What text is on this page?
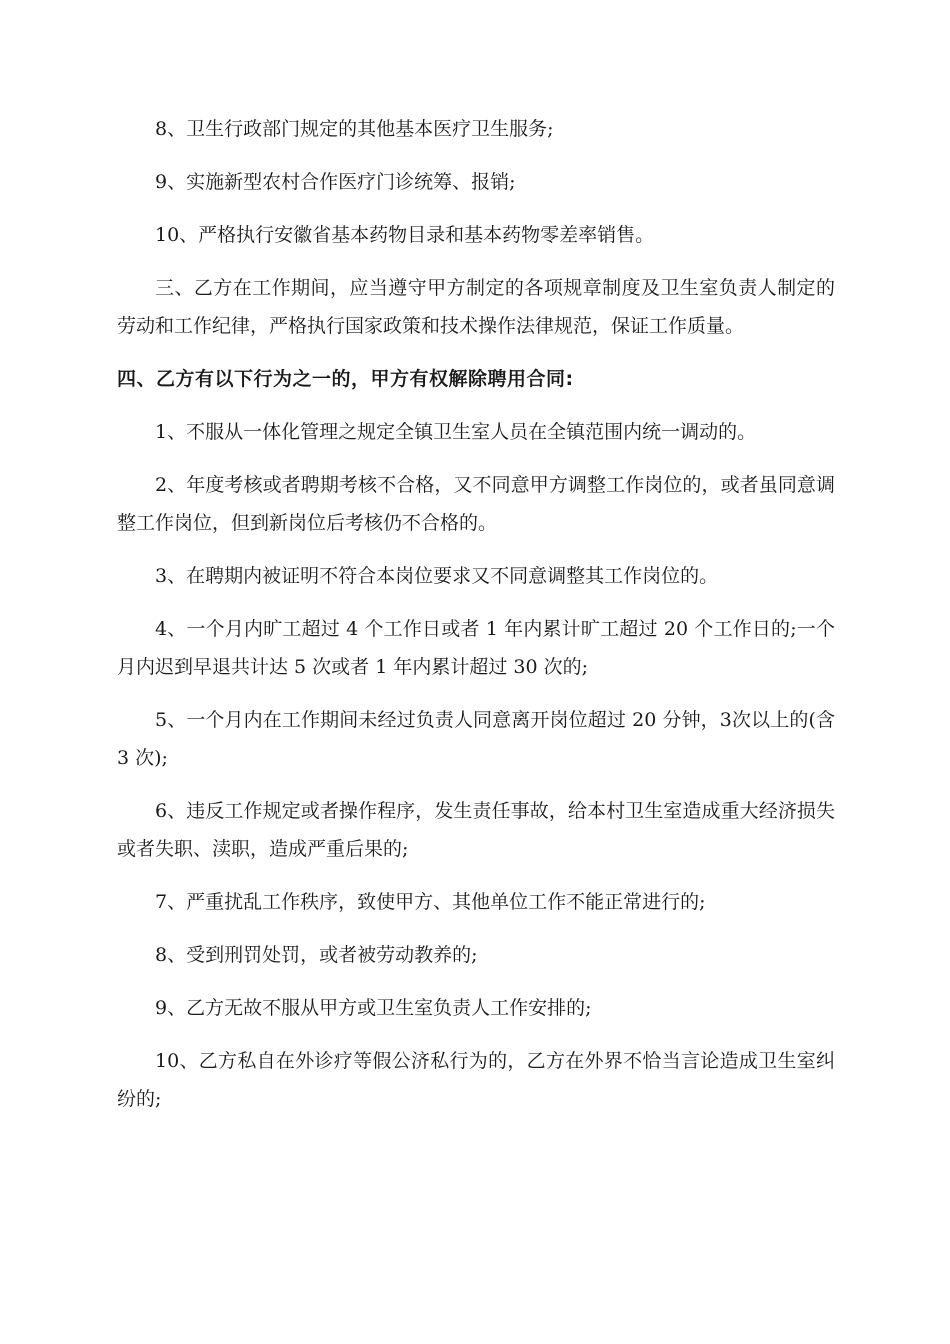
8、卫生行政部门规定的其他基本医疗卫生服务;

9、实施新型农村合作医疗门诊统筹、报销;

10、严格执行安徽省基本药物目录和基本药物零差率销售。

三、乙方在工作期间，应当遵守甲方制定的各项规章制度及卫生室负责人制定的劳动和工作纪律，严格执行国家政策和技术操作法律规范，保证工作质量。

四、乙方有以下行为之一的，甲方有权解除聘用合同:

1、不服从一体化管理之规定全镇卫生室人员在全镇范围内统一调动的。

2、年度考核或者聘期考核不合格，又不同意甲方调整工作岗位的，或者虽同意调整工作岗位，但到新岗位后考核仍不合格的。

3、在聘期内被证明不符合本岗位要求又不同意调整其工作岗位的。

4、一个月内旷工超过 4 个工作日或者 1 年内累计旷工超过 20 个工作日的;一个月内迟到早退共计达 5 次或者 1 年内累计超过 30 次的;

5、一个月内在工作期间未经过负责人同意离开岗位超过 20 分钟，3次以上的(含 3 次);

6、违反工作规定或者操作程序，发生责任事故，给本村卫生室造成重大经济损失或者失职、渎职，造成严重后果的;

7、严重扰乱工作秩序，致使甲方、其他单位工作不能正常进行的;

8、受到刑罚处罚，或者被劳动教养的;

9、乙方无故不服从甲方或卫生室负责人工作安排的;

10、乙方私自在外诊疗等假公济私行为的，乙方在外界不恰当言论造成卫生室纠纷的;
